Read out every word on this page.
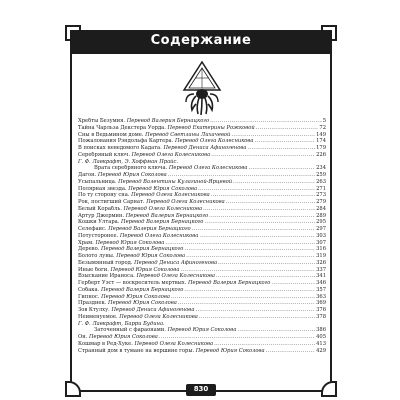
Содержание
Хребты Безумия. Перевод Валерия Бернацкого .....	5
Тайна Чарльза Декстера Уорда. Перевод Екатерины Рожковой .....	72
Сны в Ведьмином доме. Перевод Светланы Лихачевой .....	149
Пожалования Рэндольфа Картера. Перевод Олега Колесникова .....	174
В поисках неведомого Кадата. Перевод Дениса Афиногенова .....	179
Серебряный ключ. Перевод Олега Колесникова .....	226
Г. Ф. Лавкрафт, Э. Хоффман Прайс.
Врата серебряного ключа. Перевод Олега Колесникова .....	234
Дагон. Перевод Юрия Соколова .....	259
Усыпальница. Перевод Валентины Кулагиной-Ярцевой .....	263
Полярная звезда. Перевод Юрия Соколова .....	271
По ту сторону сна. Перевод Олега Колесникова .....	273
Рок, постигший Сарнат. Перевод Олега Колесникова .....	279
Белый Корабль. Перевод Олега Колесникова .....	284
Артур Джермин. Перевод Валерия Бернацкого .....	289
Кошки Ултара. Перевод Валерия Бернацкого .....	295
Селефаис. Перевод Валерия Бернацкого .....	297
Потусторонее. Перевод Олега Колесникова .....	303
Храм. Перевод Юрия Соколова .....	307
Дерево. Перевод Валерия Бернацкого .....	316
Болото луны. Перевод Юрия Соколова .....	319
Безымянный город. Перевод Дениса Афиногенова .....	326
Иные боги. Перевод Юрия Соколова .....	337
Взыскание Ираноса. Перевод Олега Колесникова .....	341
Герберт Уэст — воскреситель мертвых. Перевод Валерия Бернацкого .....	346
Собака. Перевод Валерия Бернацкого .....	357
Гипнос. Перевод Юрия Соколова .....	363
Празднек. Перевод Юрия Соколова .....	369
Зов Ктулху. Перевод Дениса Афиногенова .....	376
Неименуемое. Перевод Олега Колесникова .....	378
Г. Ф. Лавкрафт, Барри Будина.
Заточенный с фараонами. Перевод Юрия Соколова .....	386
Он. Перевод Юрия Соколова .....	405
Кошмар в Ред-Хуке. Перевод Олега Колесникова .....	413
Странный дом в тумане на вершине горы. Перевод Юрия Соколова .....	429
830
